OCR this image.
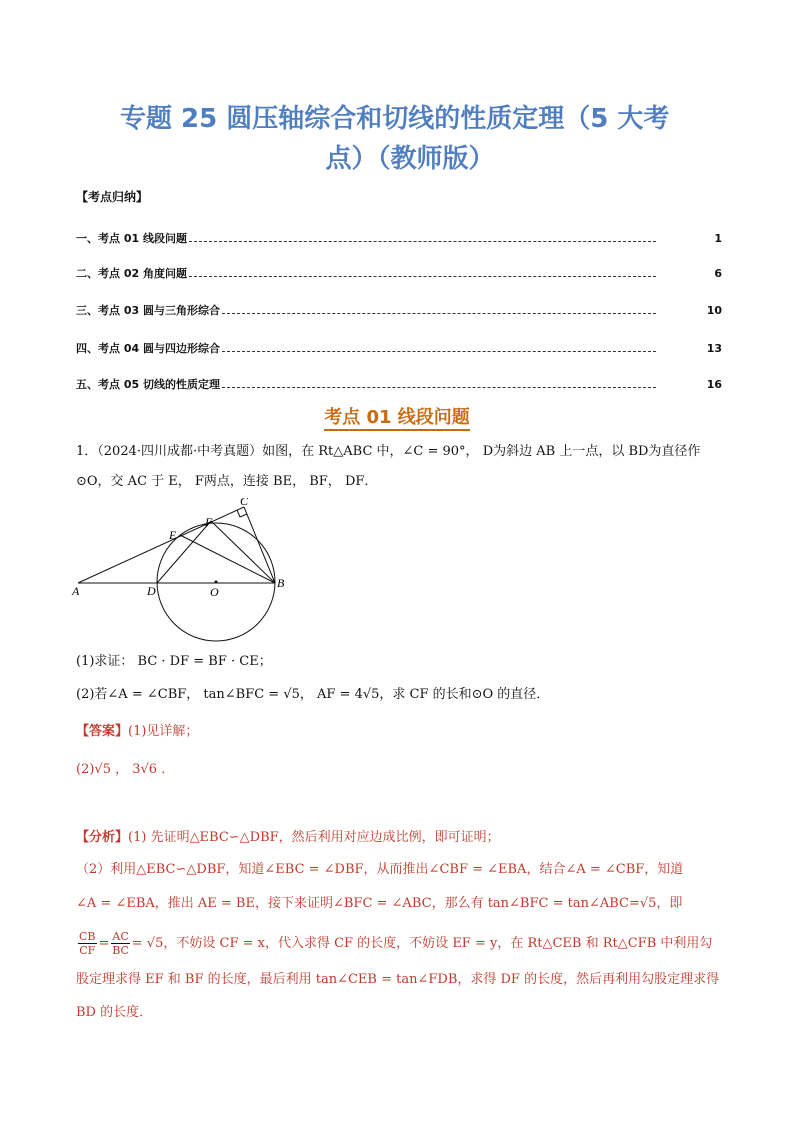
专题 25 圆压轴综合和切线的性质定理（5 大考
点）（教师版）
【考点归纳】
一、考点 01 线段问题	1
二、考点 02 角度问题	6
三、考点 03 圆与三角形综合	10
四、考点 04 圆与四边形综合	13
五、考点 05 切线的性质定理	16
考点 01 线段问题
1．（2024·四川成都·中考真题）如图，在 Rt△ABC 中，∠C = 90°， D为斜边 AB 上一点，以 BD为直径作
⊙O，交 AC 于 E， F两点，连接 BE， BF， DF．
A
B
C
D
E
F
O
(1)求证： BC · DF = BF · CE；
(2)若∠A = ∠CBF， tan∠BFC = √5， AF = 4√5，求 CF 的长和⊙O 的直径．
【答案】(1)见详解；
(2)√5 ， 3√6 ．
【分析】(1) 先证明△EBC∽△DBF，然后利用对应边成比例，即可证明；
（2）利用△EBC∽△DBF，知道∠EBC = ∠DBF，从而推出∠CBF = ∠EBA，结合∠A = ∠CBF，知道
∠A = ∠EBA，推出 AE = BE，接下来证明∠BFC = ∠ABC，那么有 tan∠BFC = tan∠ABC=√5，即
$\frac{CB}{CF} = \frac{AC}{BC} = √5$，不妨设 CF = x，代入求得 CF 的长度，不妨设 EF = y，在 Rt△CEB 和 Rt△CFB 中利用勾
股定理求得 EF 和 BF 的长度，最后利用 tan∠CEB = tan∠FDB，求得 DF 的长度，然后再利用勾股定理求得
BD 的长度．
